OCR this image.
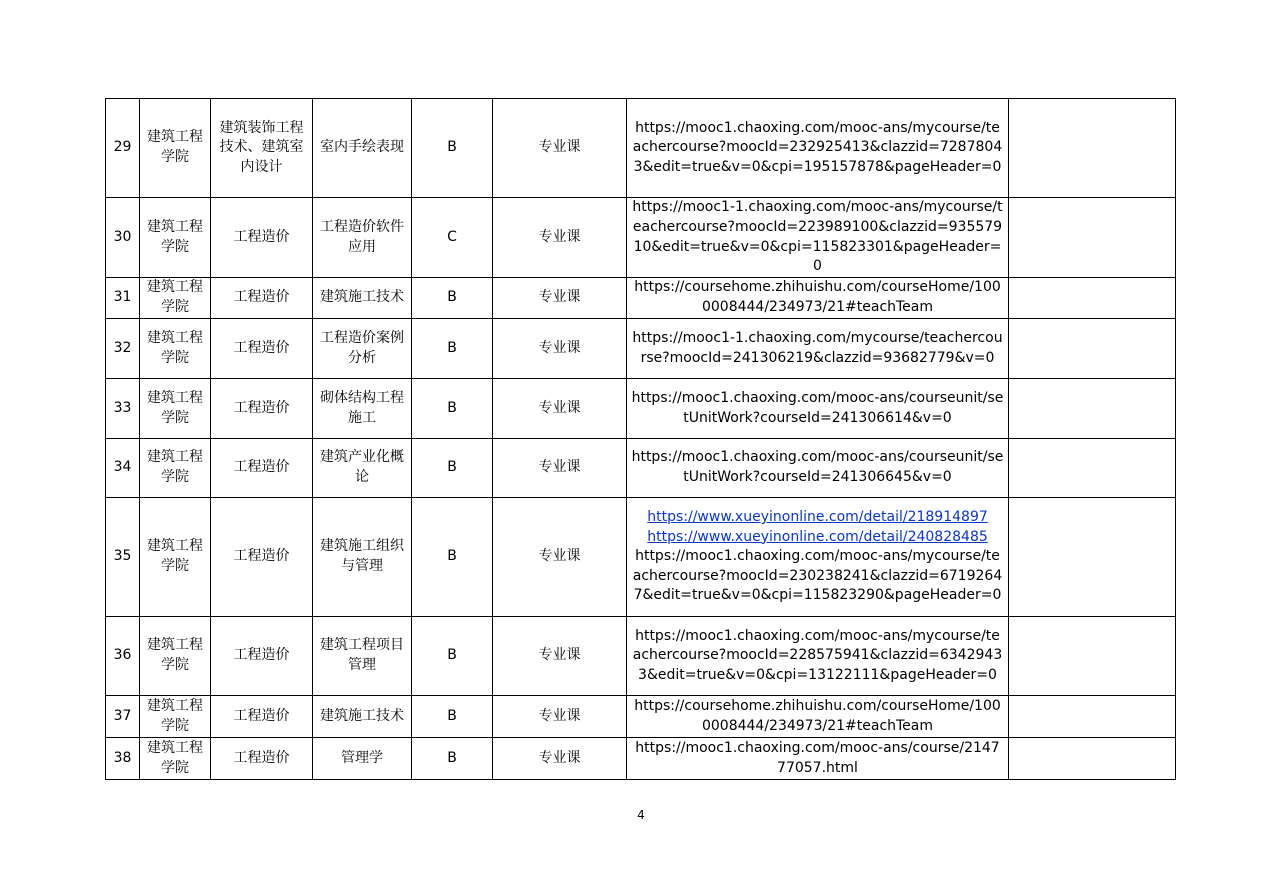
29	建筑工程学院	建筑装饰工程技术、建筑室内设计	室内手绘表现	B	专业课	https://mooc1.chaoxing.com/mooc-ans/mycourse/teachercourse?moocId=232925413&clazzid=72878043&edit=true&v=0&cpi=195157878&pageHeader=0	

30	建筑工程学院	工程造价	工程造价软件应用	C	专业课	https://mooc1-1.chaoxing.com/mooc-ans/mycourse/teachercourse?moocId=223989100&clazzid=93557910&edit=true&v=0&cpi=115823301&pageHeader=0	

31	建筑工程学院	工程造价	建筑施工技术	B	专业课	https://coursehome.zhihuishu.com/courseHome/1000008444/234973/21#teachTeam	

32	建筑工程学院	工程造价	工程造价案例分析	B	专业课	https://mooc1-1.chaoxing.com/mycourse/teachercourse?moocId=241306219&clazzid=93682779&v=0	

33	建筑工程学院	工程造价	砌体结构工程施工	B	专业课	https://mooc1.chaoxing.com/mooc-ans/courseunit/setUnitWork?courseId=241306614&v=0	

34	建筑工程学院	工程造价	建筑产业化概论	B	专业课	https://mooc1.chaoxing.com/mooc-ans/courseunit/setUnitWork?courseId=241306645&v=0	

35	建筑工程学院	工程造价	建筑施工组织与管理	B	专业课	https://www.xueyinonline.com/detail/218914897
https://www.xueyinonline.com/detail/240828485
https://mooc1.chaoxing.com/mooc-ans/mycourse/teachercourse?moocId=230238241&clazzid=67192647&edit=true&v=0&cpi=115823290&pageHeader=0	

36	建筑工程学院	工程造价	建筑工程项目管理	B	专业课	https://mooc1.chaoxing.com/mooc-ans/mycourse/teachercourse?moocId=228575941&clazzid=63429433&edit=true&v=0&cpi=13122111&pageHeader=0	

37	建筑工程学院	工程造价	建筑施工技术	B	专业课	https://coursehome.zhihuishu.com/courseHome/1000008444/234973/21#teachTeam	

38	建筑工程学院	工程造价	管理学	B	专业课	https://mooc1.chaoxing.com/mooc-ans/course/214777057.html	

4
